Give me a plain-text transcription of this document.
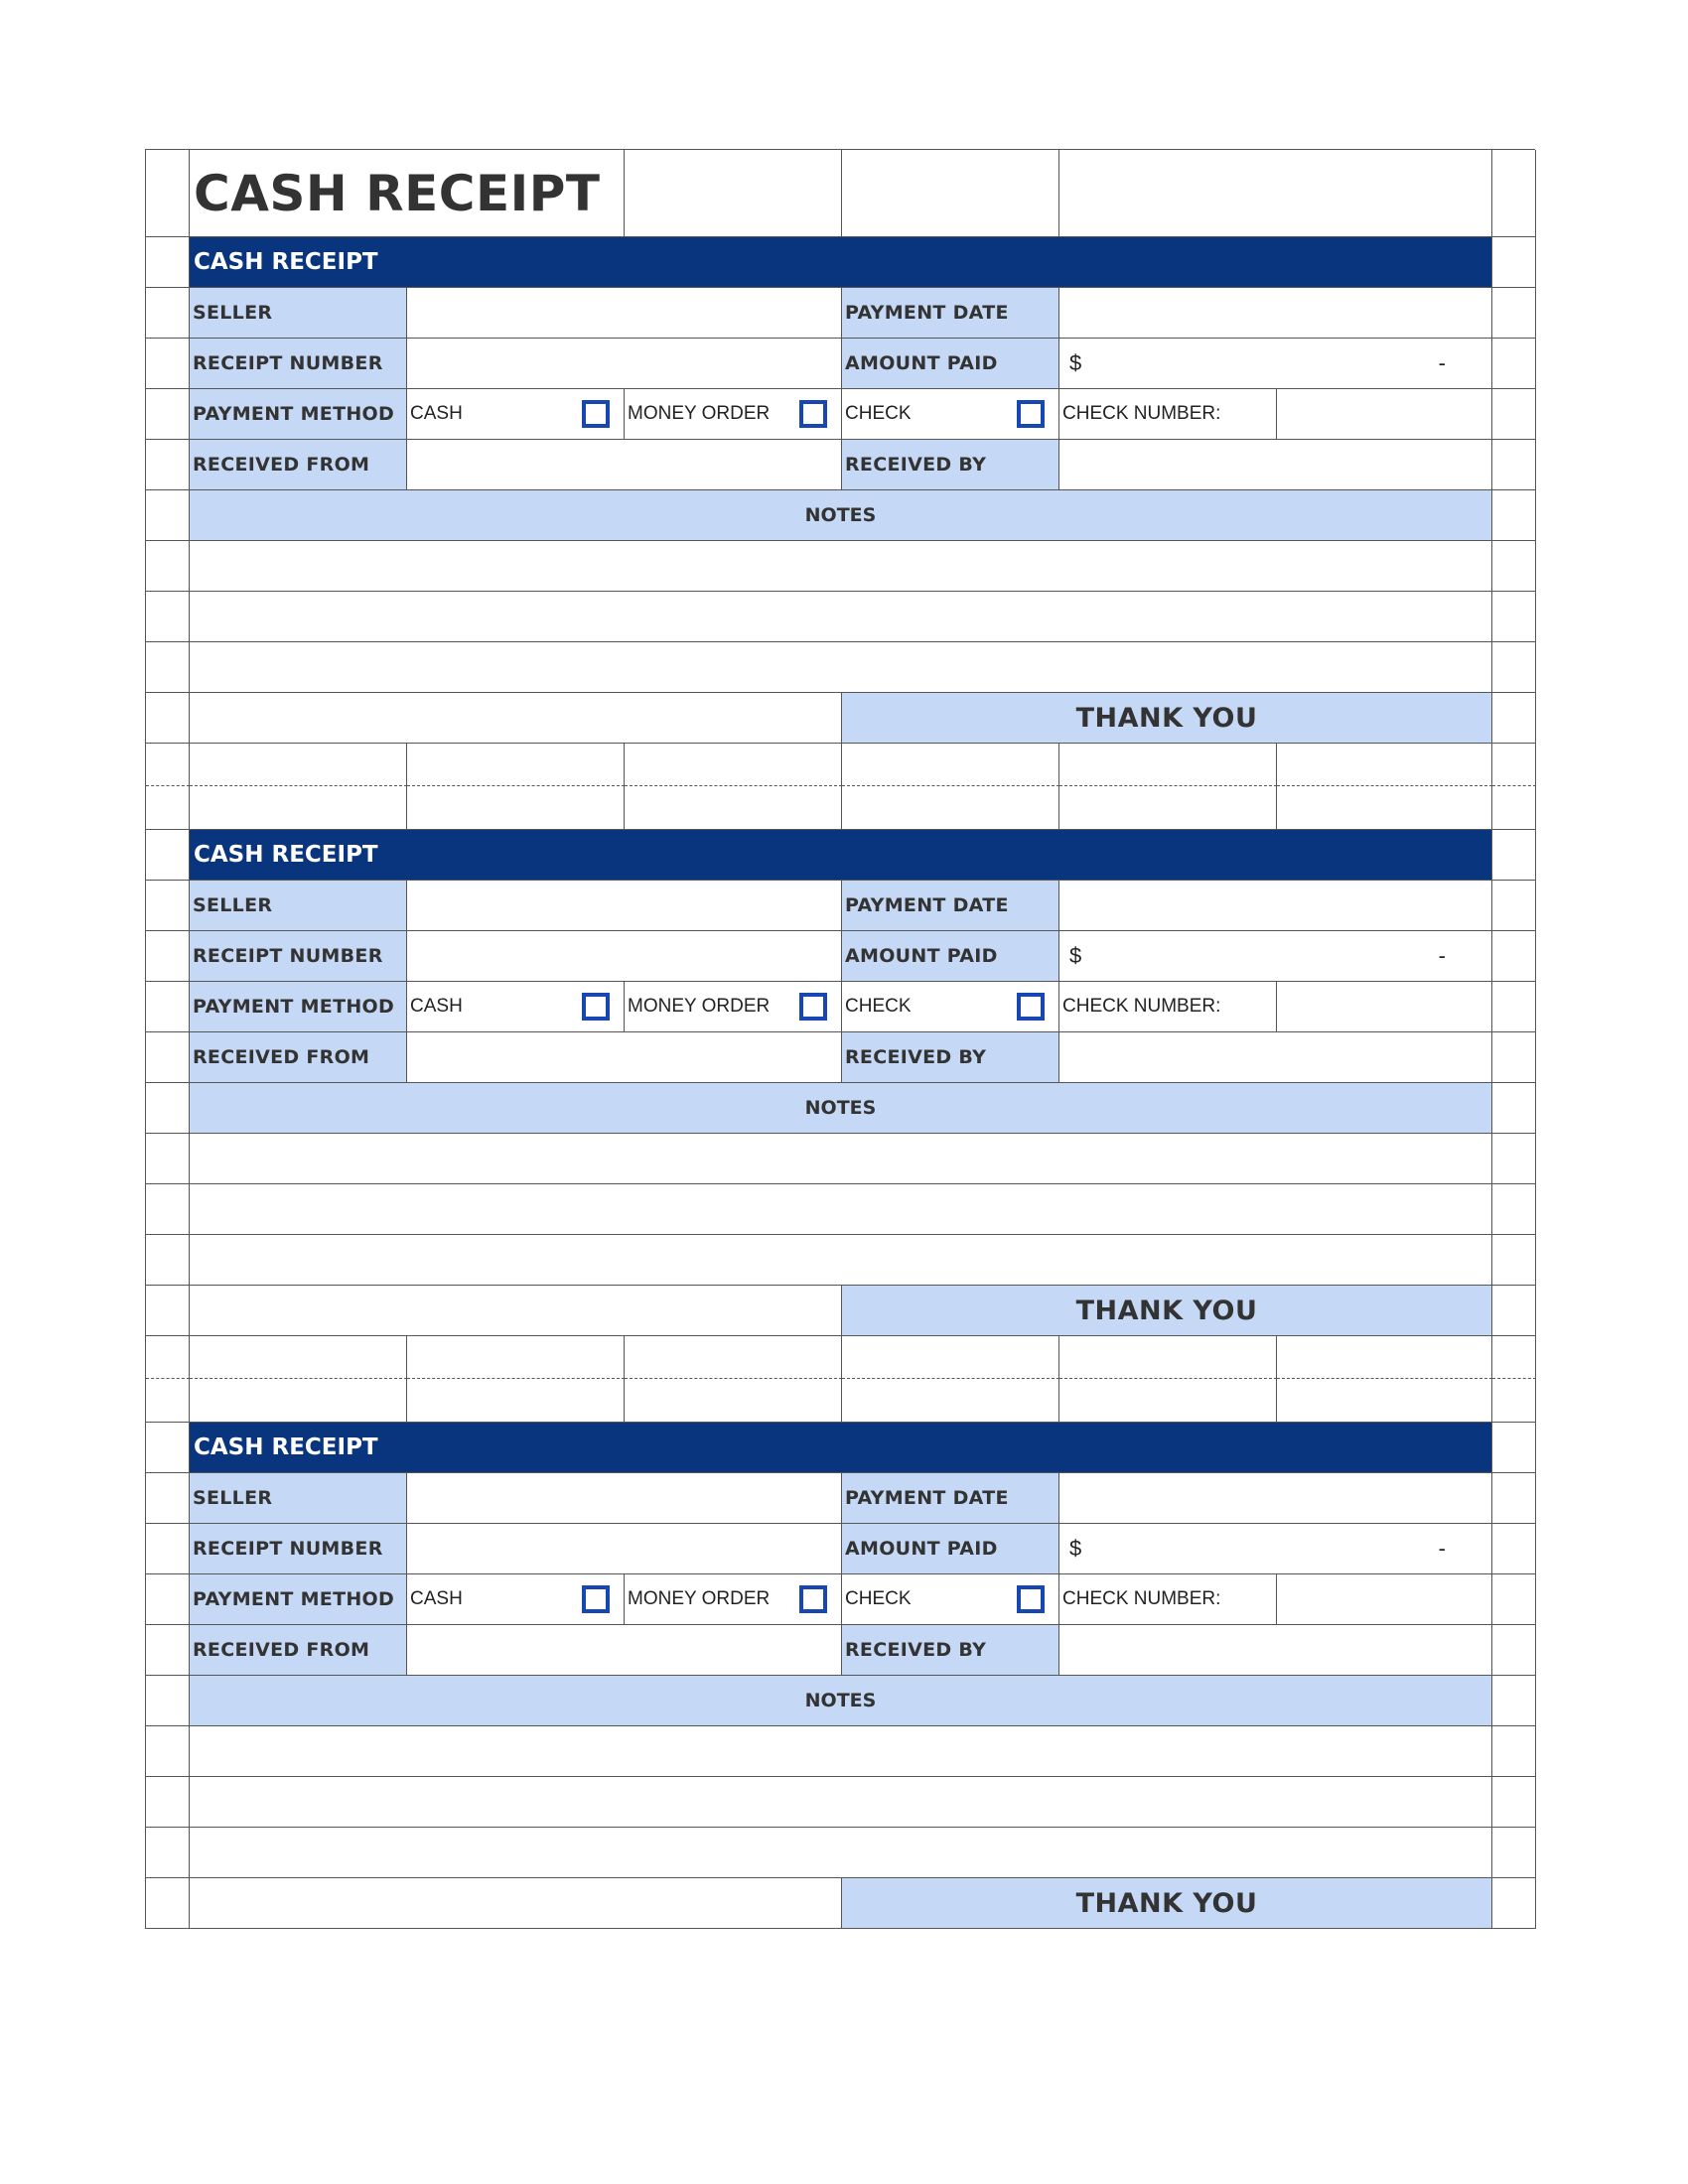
CASH RECEIPT
CASH RECEIPT
SELLER	PAYMENT DATE
RECEIPT NUMBER	AMOUNT PAID	$	-
PAYMENT METHOD CASH	MONEY ORDER	CHECK	CHECK NUMBER:
RECEIVED FROM	RECEIVED BY
NOTES
THANK YOU
CASH RECEIPT
SELLER	PAYMENT DATE
RECEIPT NUMBER	AMOUNT PAID	$	-
PAYMENT METHOD CASH	MONEY ORDER	CHECK	CHECK NUMBER:
RECEIVED FROM	RECEIVED BY
NOTES
THANK YOU
CASH RECEIPT
SELLER	PAYMENT DATE
RECEIPT NUMBER	AMOUNT PAID	$	-
PAYMENT METHOD CASH	MONEY ORDER	CHECK	CHECK NUMBER:
RECEIVED FROM	RECEIVED BY
NOTES
THANK YOU
